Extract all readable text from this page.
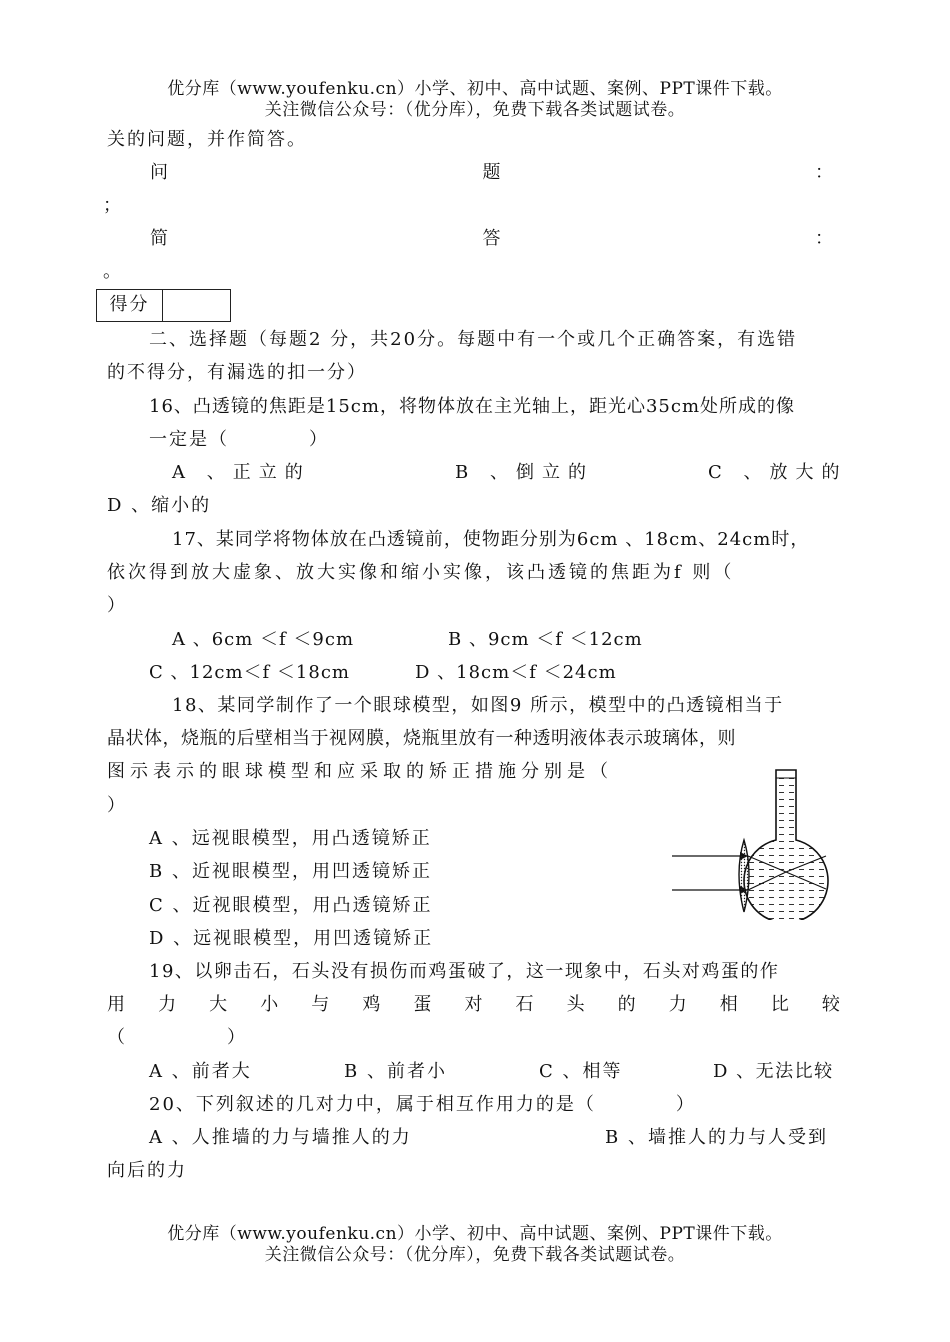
优分库（www.youfenku.cn）小学、初中、高中试题、案例、PPT课件下载。
关注微信公众号：（优分库），免费下载各类试题试卷。
关的问题，并作简答。
问	题	：
；
简	答	：
。
得分
二、选择题（每题2 分，共20分。每题中有一个或几个正确答案，有选错
的不得分，有漏选的扣一分）
16、凸透镜的焦距是15cm，将物体放在主光轴上，距光心35cm处所成的像
一定是（　　　　）
A 、正立的	B 、倒立的	C 、放大的
D 、缩小的
17、某同学将物体放在凸透镜前，使物距分别为6cm 、18cm、24cm时，
依次得到放大虚象、放大实像和缩小实像，该凸透镜的焦距为f 则（
）
A 、6cm ＜f ＜9cm	B 、9cm ＜f ＜12cm
C 、12cm＜f ＜18cm	D 、18cm＜f ＜24cm
18、某同学制作了一个眼球模型，如图9 所示，模型中的凸透镜相当于
晶状体，烧瓶的后壁相当于视网膜，烧瓶里放有一种透明液体表示玻璃体，则
图示表示的眼球模型和应采取的矫正措施分别是（
）
A 、远视眼模型，用凸透镜矫正
B 、近视眼模型，用凹透镜矫正
C 、近视眼模型，用凸透镜矫正
D 、远视眼模型，用凹透镜矫正
19、以卵击石，石头没有损伤而鸡蛋破了，这一现象中，石头对鸡蛋的作
用 力 大 小 与 鸡 蛋 对 石 头 的 力 相 比 较
（　　　　　）
A 、前者大	B 、前者小	C 、相等	D 、无法比较
20、下列叙述的几对力中，属于相互作用力的是（　　　　）
A 、人推墙的力与墙推人的力	B 、墙推人的力与人受到
向后的力
优分库（www.youfenku.cn）小学、初中、高中试题、案例、PPT课件下载。
关注微信公众号：（优分库），免费下载各类试题试卷。
